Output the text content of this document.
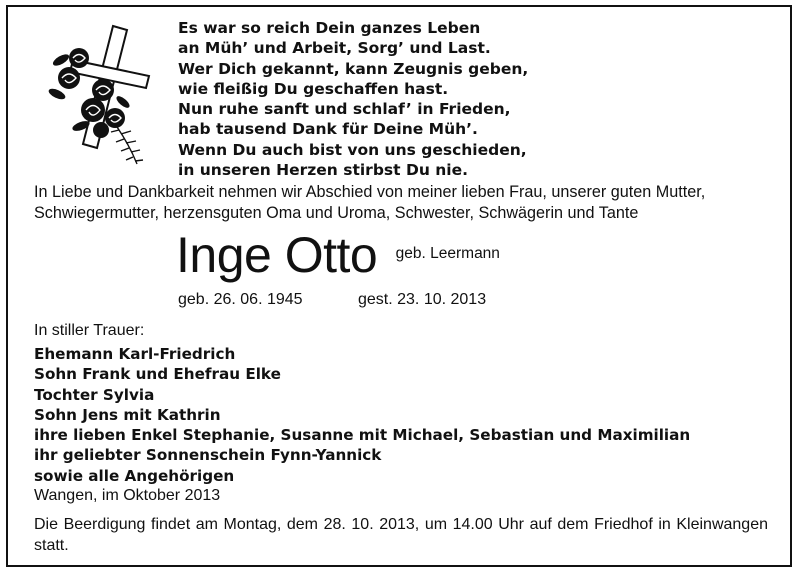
Es war so reich Dein ganzes Leben
an Müh’ und Arbeit, Sorg’ und Last.
Wer Dich gekannt, kann Zeugnis geben,
wie fleißig Du geschaffen hast.
Nun ruhe sanft und schlaf’ in Frieden,
hab tausend Dank für Deine Müh’.
Wenn Du auch bist von uns geschieden,
in unseren Herzen stirbst Du nie.
In Liebe und Dankbarkeit nehmen wir Abschied von meiner lieben Frau, unserer guten Mutter,
Schwiegermutter, herzensguten Oma und Uroma, Schwester, Schwägerin und Tante
Inge Otto geb. Leermann
geb. 26. 06. 1945	gest. 23. 10. 2013
In stiller Trauer:
Ehemann Karl-Friedrich
Sohn Frank und Ehefrau Elke
Tochter Sylvia
Sohn Jens mit Kathrin
ihre lieben Enkel Stephanie, Susanne mit Michael, Sebastian und Maximilian
ihr geliebter Sonnenschein Fynn-Yannick
sowie alle Angehörigen
Wangen, im Oktober 2013
Die Beerdigung findet am Montag, dem 28. 10. 2013, um 14.00 Uhr auf dem Friedhof in Kleinwangen statt.
